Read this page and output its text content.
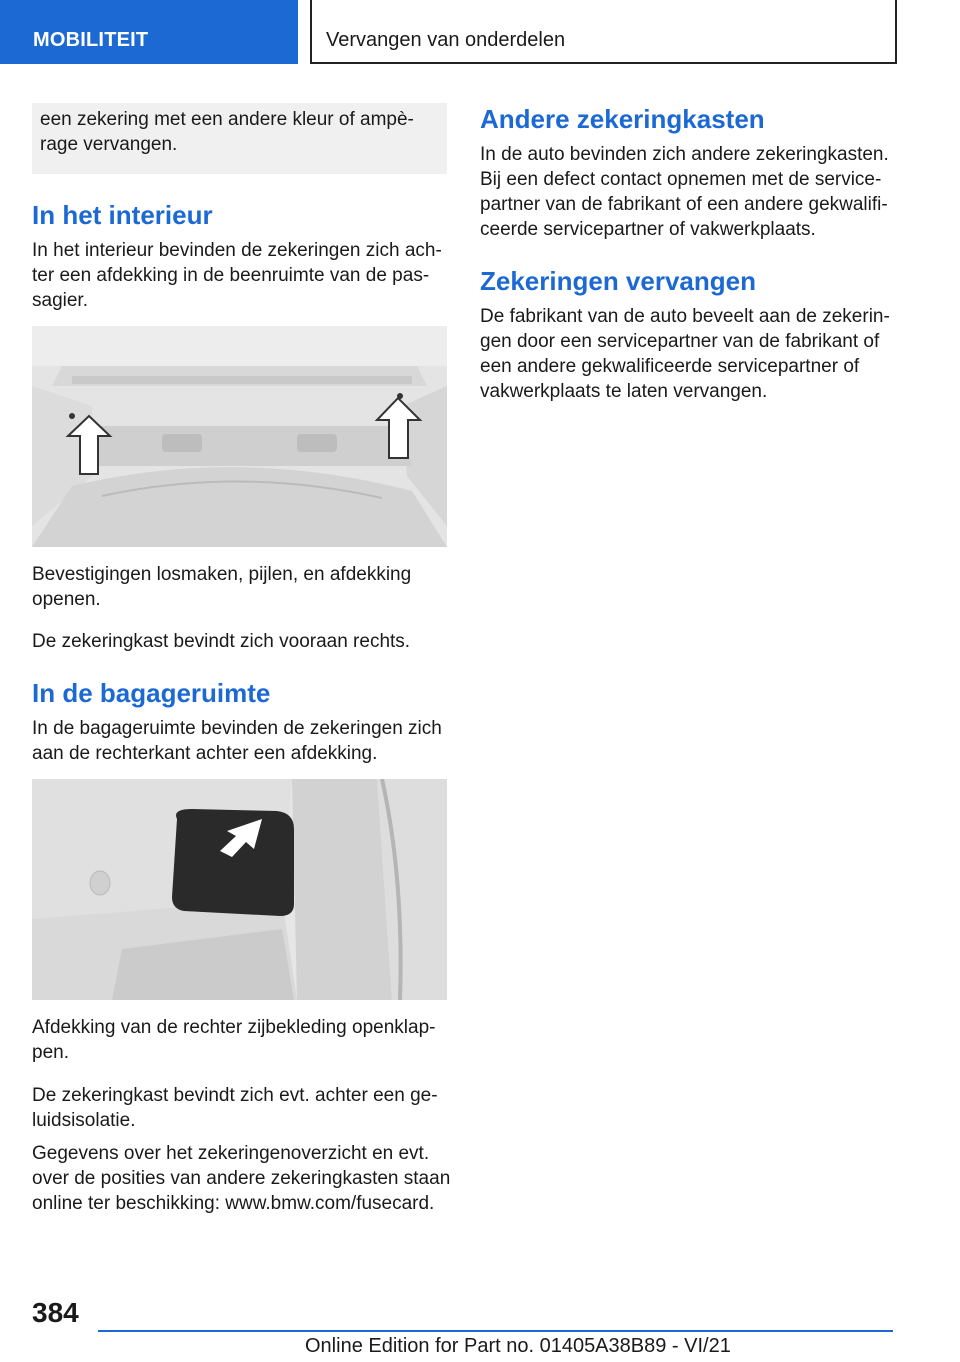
MOBILITEIT	Vervangen van onderdelen

een zekering met een andere kleur of ampè-
rage vervangen.

In het interieur

In het interieur bevinden de zekeringen zich ach-
ter een afdekking in de beenruimte van de pas-
sagier.

Bevestigingen losmaken, pijlen, en afdekking
openen.

De zekeringkast bevindt zich vooraan rechts.

In de bagageruimte

In de bagageruimte bevinden de zekeringen zich
aan de rechterkant achter een afdekking.

Afdekking van de rechter zijbekleding openklap-
pen.

De zekeringkast bevindt zich evt. achter een ge-
luidsisolatie.

Gegevens over het zekeringenoverzicht en evt.
over de posities van andere zekeringkasten staan
online ter beschikking: www.bmw.com/fusecard.

Andere zekeringkasten

In de auto bevinden zich andere zekeringkasten.
Bij een defect contact opnemen met de service-
partner van de fabrikant of een andere gekwalifi-
ceerde servicepartner of vakwerkplaats.

Zekeringen vervangen

De fabrikant van de auto beveelt aan de zekerin-
gen door een servicepartner van de fabrikant of
een andere gekwalificeerde servicepartner of
vakwerkplaats te laten vervangen.

384
Online Edition for Part no. 01405A38B89 - VI/21
